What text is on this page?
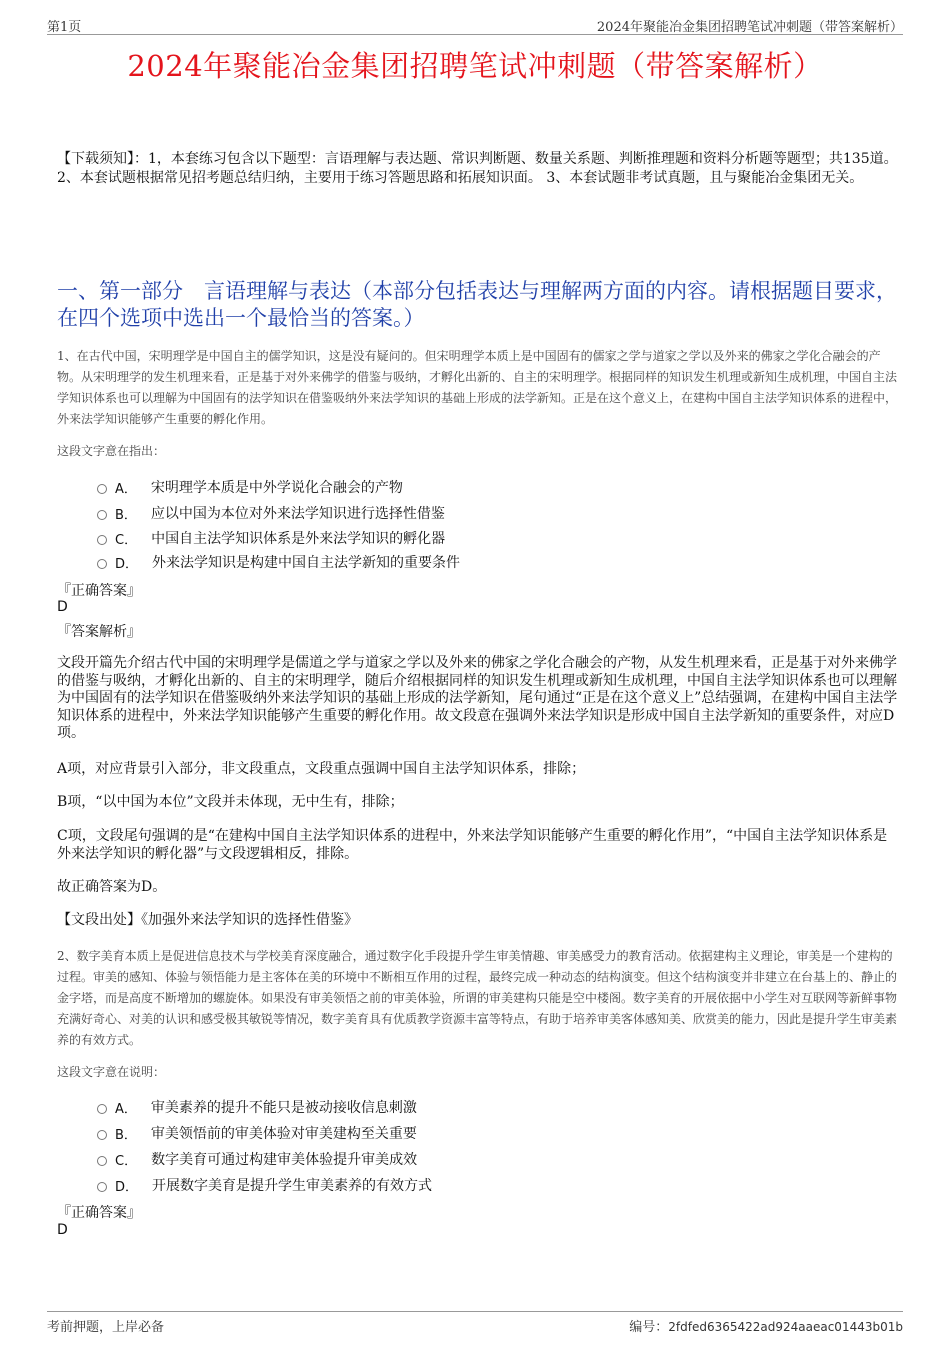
第1页	2024年聚能冶金集团招聘笔试冲刺题（带答案解析）
2024年聚能冶金集团招聘笔试冲刺题（带答案解析）
【下载须知】：1，本套练习包含以下题型：言语理解与表达题、常识判断题、数量关系题、判断推理题和资料分析题等题型；共135道。 2、本套试题根据常见招考题总结归纳，主要用于练习答题思路和拓展知识面。 3、本套试题非考试真题，且与聚能冶金集团无关。
一、第一部分　言语理解与表达（本部分包括表达与理解两方面的内容。请根据题目要求，在四个选项中选出一个最恰当的答案。）
1、在古代中国，宋明理学是中国自主的儒学知识，这是没有疑问的。但宋明理学本质上是中国固有的儒家之学与道家之学以及外来的佛家之学化合融会的产物。从宋明理学的发生机理来看，正是基于对外来佛学的借鉴与吸纳，才孵化出新的、自主的宋明理学。根据同样的知识发生机理或新知生成机理，中国自主法学知识体系也可以理解为中国固有的法学知识在借鉴吸纳外来法学知识的基础上形成的法学新知。正是在这个意义上，在建构中国自主法学知识体系的进程中，外来法学知识能够产生重要的孵化作用。
这段文字意在指出：
A． 宋明理学本质是中外学说化合融会的产物
B． 应以中国为本位对外来法学知识进行选择性借鉴
C． 中国自主法学知识体系是外来法学知识的孵化器
D． 外来法学知识是构建中国自主法学新知的重要条件
『正确答案』
D
『答案解析』
文段开篇先介绍古代中国的宋明理学是儒道之学与道家之学以及外来的佛家之学化合融会的产物，从发生机理来看，正是基于对外来佛学的借鉴与吸纳，才孵化出新的、自主的宋明理学，随后介绍根据同样的知识发生机理或新知生成机理，中国自主法学知识体系也可以理解为中国固有的法学知识在借鉴吸纳外来法学知识的基础上形成的法学新知，尾句通过“正是在这个意义上”总结强调，在建构中国自主法学知识体系的进程中，外来法学知识能够产生重要的孵化作用。故文段意在强调外来法学知识是形成中国自主法学新知的重要条件，对应D项。
A项，对应背景引入部分，非文段重点，文段重点强调中国自主法学知识体系，排除；
B项，“以中国为本位”文段并未体现，无中生有，排除；
C项，文段尾句强调的是“在建构中国自主法学知识体系的进程中，外来法学知识能够产生重要的孵化作用”，“中国自主法学知识体系是外来法学知识的孵化器”与文段逻辑相反，排除。
故正确答案为D。
【文段出处】《加强外来法学知识的选择性借鉴》
2、数字美育本质上是促进信息技术与学校美育深度融合，通过数字化手段提升学生审美情趣、审美感受力的教育活动。依据建构主义理论，审美是一个建构的过程。审美的感知、体验与领悟能力是主客体在美的环境中不断相互作用的过程，最终完成一种动态的结构演变。但这个结构演变并非建立在台基上的、静止的金字塔，而是高度不断增加的螺旋体。如果没有审美领悟之前的审美体验，所谓的审美建构只能是空中楼阁。数字美育的开展依据中小学生对互联网等新鲜事物充满好奇心、对美的认识和感受极其敏锐等情况，数字美育具有优质教学资源丰富等特点，有助于培养审美客体感知美、欣赏美的能力，因此是提升学生审美素养的有效方式。
这段文字意在说明：
A． 审美素养的提升不能只是被动接收信息刺激
B． 审美领悟前的审美体验对审美建构至关重要
C． 数字美育可通过构建审美体验提升审美成效
D． 开展数字美育是提升学生审美素养的有效方式
『正确答案』
D
考前押题，上岸必备	编号：2fdfed6365422ad924aaeac01443b01b
